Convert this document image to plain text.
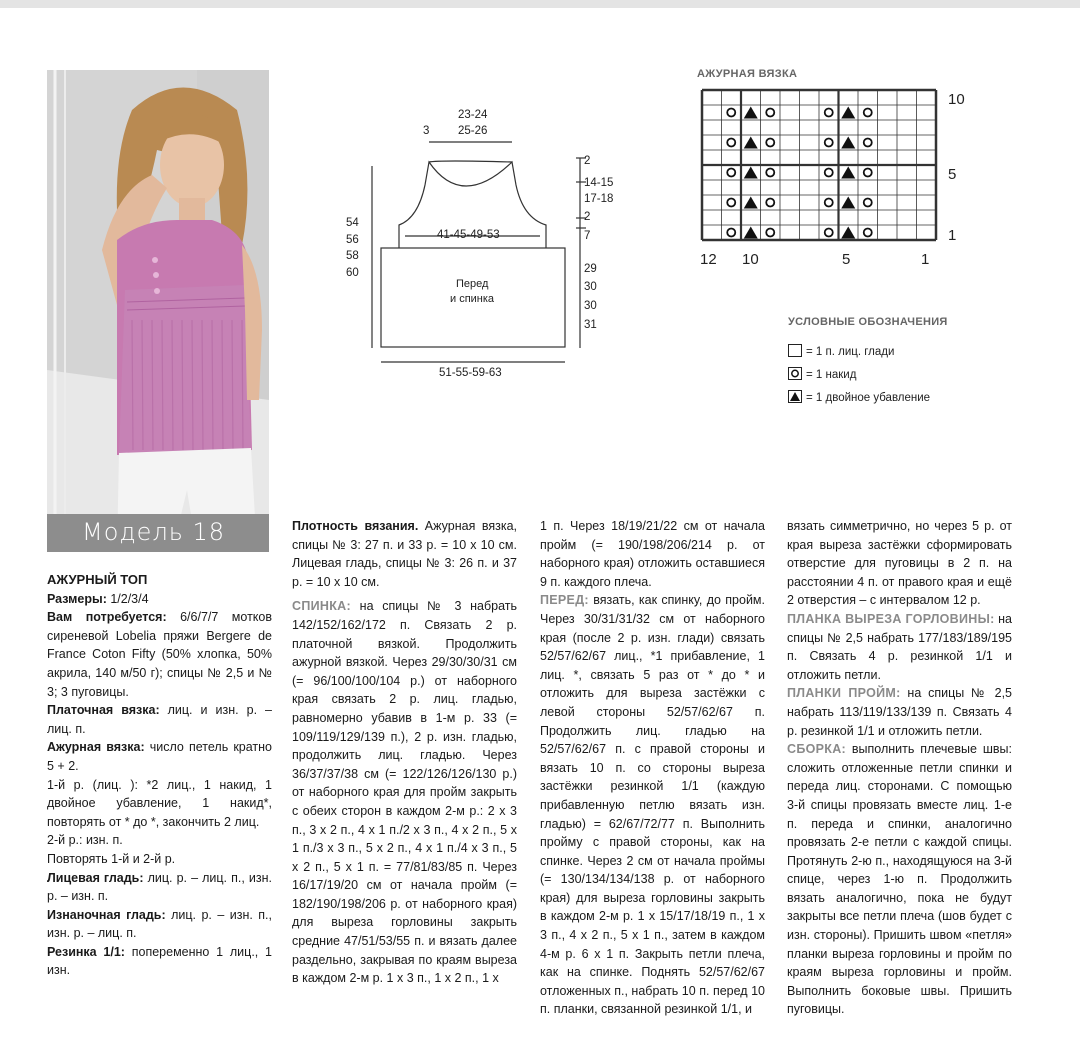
Модель 18
23-24
25-26
3
54
56
58
60
2
14-15
17-18
2
7
41-45-49-53
Перед
и спинка
29
30
30
31
51-55-59-63
АЖУРНАЯ ВЯЗКА
10
5
1
12 10	5	1
УСЛОВНЫЕ ОБОЗНАЧЕНИЯ
= 1 п. лиц. глади
= 1 накид
= 1 двойное убавление

АЖУРНЫЙ ТОП

Размеры: 1/2/3/4

Вам потребуется: 6/6/7/7 мотков сиреневой Lobelia пряжи Bergere de France Coton Fifty (50% хлопка, 50% акрила, 140 м/50 г); спицы № 2,5 и № 3; 3 пуговицы.

Платочная вязка: лиц. и изн. р. – лиц. п.

Ажурная вязка: число петель кратно 5 + 2.

1-й р. (лиц. ): *2 лиц., 1 накид, 1 двойное убавление, 1 накид*, повторять от * до *, закончить 2 лиц.

2-й р.: изн. п.

Повторять 1-й и 2-й р.

Лицевая гладь: лиц. р. – лиц. п., изн. р. – изн. п.

Изнаночная гладь: лиц. р. – изн. п., изн. р. – лиц. п.

Резинка 1/1: попеременно 1 лиц., 1 изн.

Плотность вязания. Ажурная вязка, спицы № 3: 27 п. и 33 р. = 10 x 10 см. Лицевая гладь, спицы № 3: 26 п. и 37 р. = 10 x 10 см.

СПИНКА: на спицы № 3 набрать 142/152/162/172 п. Связать 2 р. платочной вязкой. Продолжить ажурной вязкой. Через 29/30/30/31 см (= 96/100/100/104 р.) от наборного края связать 2 р. лиц. гладью, равномерно убавив в 1-м р. 33 (= 109/119/129/139 п.), 2 р. изн. гладью, продолжить лиц. гладью. Через 36/37/37/38 см (= 122/126/126/130 р.) от наборного края для пройм закрыть с обеих сторон в каждом 2-м р.: 2 x 3 п., 3 x 2 п., 4 x 1 п./2 x 3 п., 4 x 2 п., 5 x 1 п./3 x 3 п., 5 x 2 п., 4 x 1 п./4 x 3 п., 5 x 2 п., 5 x 1 п. = 77/81/83/85 п. Через 16/17/19/20 см от начала пройм (= 182/190/198/206 р. от наборного края) для выреза горловины закрыть средние 47/51/53/55 п. и вязать далее раздельно, закрывая по краям выреза в каждом 2-м р. 1 x 3 п., 1 x 2 п., 1 x

1 п. Через 18/19/21/22 см от начала пройм (= 190/198/206/214 р. от наборного края) отложить оставшиеся 9 п. каждого плеча.

ПЕРЕД: вязать, как спинку, до пройм. Через 30/31/31/32 см от наборного края (после 2 р. изн. глади) связать 52/57/62/67 лиц., *1 прибавление, 1 лиц. *, связать 5 раз от * до * и отложить для выреза застёжки с левой стороны 52/57/62/67 п. Продолжить лиц. гладью на 52/57/62/67 п. с правой стороны и вязать 10 п. со стороны выреза застёжки резинкой 1/1 (каждую прибавленную петлю вязать изн. гладью) = 62/67/72/77 п. Выполнить пройму с правой стороны, как на спинке. Через 2 см от начала проймы (= 130/134/134/138 р. от наборного края) для выреза горловины закрыть в каждом 2-м р. 1 x 15/17/18/19 п., 1 x 3 п., 4 x 2 п., 5 x 1 п., затем в каждом 4-м р. 6 x 1 п. Закрыть петли плеча, как на спинке. Поднять 52/57/62/67 отложенных п., набрать 10 п. перед 10 п. планки, связанной резинкой 1/1, и

вязать симметрично, но через 5 р. от края выреза застёжки сформировать отверстие для пуговицы в 2 п. на расстоянии 4 п. от правого края и ещё 2 отверстия – с интервалом 12 р.

ПЛАНКА ВЫРЕЗА ГОРЛОВИНЫ: на спицы № 2,5 набрать 177/183/189/195 п. Связать 4 р. резинкой 1/1 и отложить петли.

ПЛАНКИ ПРОЙМ: на спицы № 2,5 набрать 113/119/133/139 п. Связать 4 р. резинкой 1/1 и отложить петли.

СБОРКА: выполнить плечевые швы: сложить отложенные петли спинки и переда лиц. сторонами. С помощью 3-й спицы провязать вместе лиц. 1-е п. переда и спинки, аналогично провязать 2-е петли с каждой спицы. Протянуть 2-ю п., находящуюся на 3-й спице, через 1-ю п. Продолжить вязать аналогично, пока не будут закрыты все петли плеча (шов будет с изн. стороны). Пришить швом «петля» планки выреза горловины и пройм по краям выреза горловины и пройм. Выполнить боковые швы. Пришить пуговицы.
